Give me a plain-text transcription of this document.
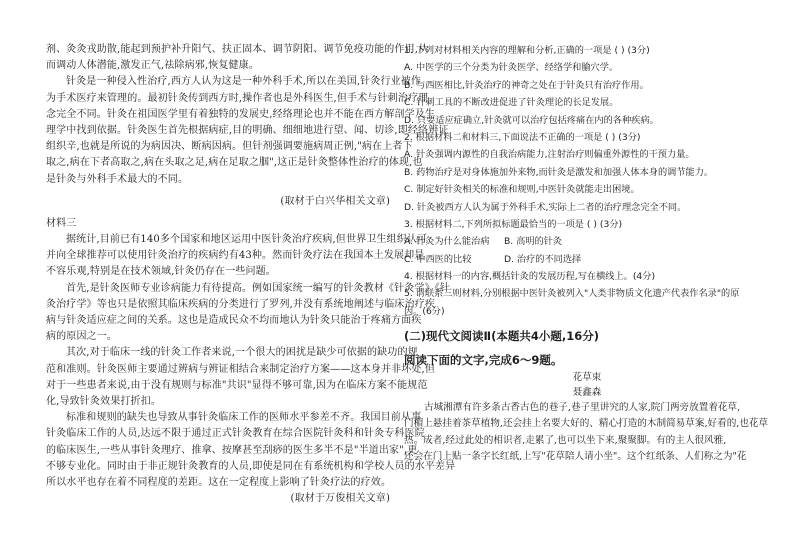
剂、灸灸戎助散,能起到预护补升阳气、扶正固本、调节阴阳、调节免疫功能的作用,从
而调动人体潜能,激发正气,祛除病邪,恢复健康。
针灸是一种侵入性治疗,西方人认为这是一种外科手术,所以在美国,针灸行业被作
为手术医疗来管理的。最初针灸传到西方时,操作者也是外科医生,但手术与针刺治疗理
念完全不同。针灸在祖国医学里有着独特的发展史,经络理论也并不能在西方解剖学及生
理学中找到依据。针灸医生首先根据病症,目的明确、细细地进行望、闻、切诊,即经络辨证
组织辛,也就是所说的为病因决、断病因病。但针剂强调要施病周正例,"病在上者下
取之,病在下者高取之,病在头取之足,病在足取之腘",这正是针灸整体性治疗的体现,也
是针灸与外科手术最大的不同。
(取材于白兴华相关文章)
材料三
据统计,目前已有140多个国家和地区运用中医针灸治疗疾病,但世界卫生组织认可
并向全球推荐可以使用针灸治疗的疾病约有43种。然而针灸疗法在我国本土发展却是
不容乐观,特别是在技术领域,针灸仍存在一些问题。
首先,是针灸医师专业诊病能力有待提高。例如国家统一编写的针灸教材《针灸学》《针
灸治疗学》等也只是依照其临床疾病的分类进行了罗列,并没有系统地阐述与临床治疗疾
病与针灸适应症之间的关系。这也是造成民众不均而地认为针灸只能治于疼痛方面疾
病的原因之一。
其次,对于临床一线的针灸工作者来说,一个很大的困扰是缺少可依据的缺功的规
范和准则。针灸医师主要通过辨病与辨证相结合来制定治疗方案——这本身并非坏处,但
对于一些患者来说,由于没有规则与标准"共识"显得不够可靠,因为在临床方案不能规范
化,导致针灸效果打折扣。
标准和规则的缺失也导致从事针灸临床工作的医师水平参差不齐。我国目前从事
针灸临床工作的人员,达远不限于通过正式针灸教育在综合医院针灸科和针灸专科医院
的临床医生,一些从事针灸理疗、推拿、按摩甚至刮痧的医生多半不是"半道出家",更
不够专业化。同时由于非正规针灸教育的人员,即使是同在有系统机构和学校人员的水平差异
所以水平也存在着不同程度的差距。这在一定程度上影响了针灸疗法的疗效。
(取材于万俊相关文章)
1. 下列对材料相关内容的理解和分析,正确的一项是 ( ) (3分)
A. 中医学的三个分类为针灸医学、经络学和腧穴学。
B. 与西医相比,针灸治疗的神奇之处在于针灸只有治疗作用。
C. 针刺工具的不断改进促进了针灸理论的长足发展。
D. 只要适应症确立,针灸就可以治疗包括疼痛在内的各种疾病。
2. 根据材料二和材料三,下面说法不正确的一项是 ( ) (3分)
A. 针灸强调内源性的自我治病能力,注射治疗则偏重外源性的干预力量。
B. 药物治疗是对身体施加外来物,而针灸是激发和加强人体本身的调节能力。
C. 制定好针灸相关的标准和规则,中医针灸就能走出困境。
D. 针灸被西方人认为属于外科手术,实际上二者的治疗理念完全不同。
3. 根据材料二,下列所拟标题最恰当的一项是 ( ) (3分)
A. 针灸为什么能治病 B. 高明的针灸
C. 中西医的比较	D. 治疗的不同选择
4. 根据材料一的内容,概括针灸的发展历程,写在横线上。(4分)
5. 请联系三则材料,分别根据中医针灸被列入"人类非物质文化遗产代表作名录"的原
因。(6分)
(二)现代文阅读Ⅱ(本题共4小题,16分)
阅读下面的文字,完成6～9题。
花草束
聂鑫森
古城湘潭有许多条古香古色的巷子,巷子里讲究的人家,院门两旁放置着花草,
门楣上悬挂着茶草植物,还会挂上名要大好的、精心打造的木制简易草案,好看的,也花草
热。成者,经过此处的相识者,走累了,也可以坐下来,聚聚脚。有的主人很风雅,
还会在门上贴一条字长红纸,上写"花草陪人请小坐"。这个红纸条、人们称之为"花
